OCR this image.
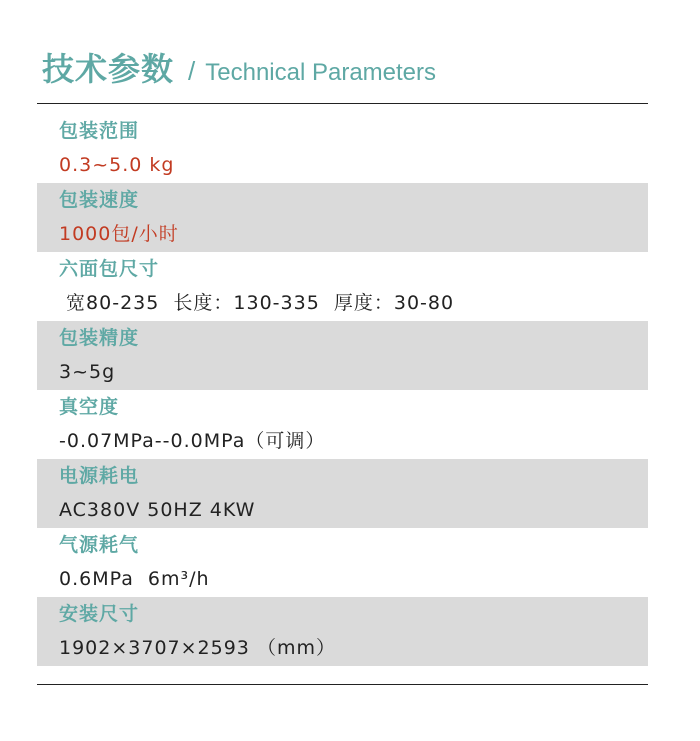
技术参数 / Technical Parameters
包装范围
0.3~5.0 kg
包装速度
1000包/小时
六面包尺寸
宽80-235  长度：130-335  厚度：30-80
包装精度
3~5g
真空度
-0.07MPa--0.0MPa（可调）
电源耗电
AC380V 50HZ 4KW
气源耗气
0.6MPa  6m³/h
安装尺寸
1902×3707×2593 （mm）
